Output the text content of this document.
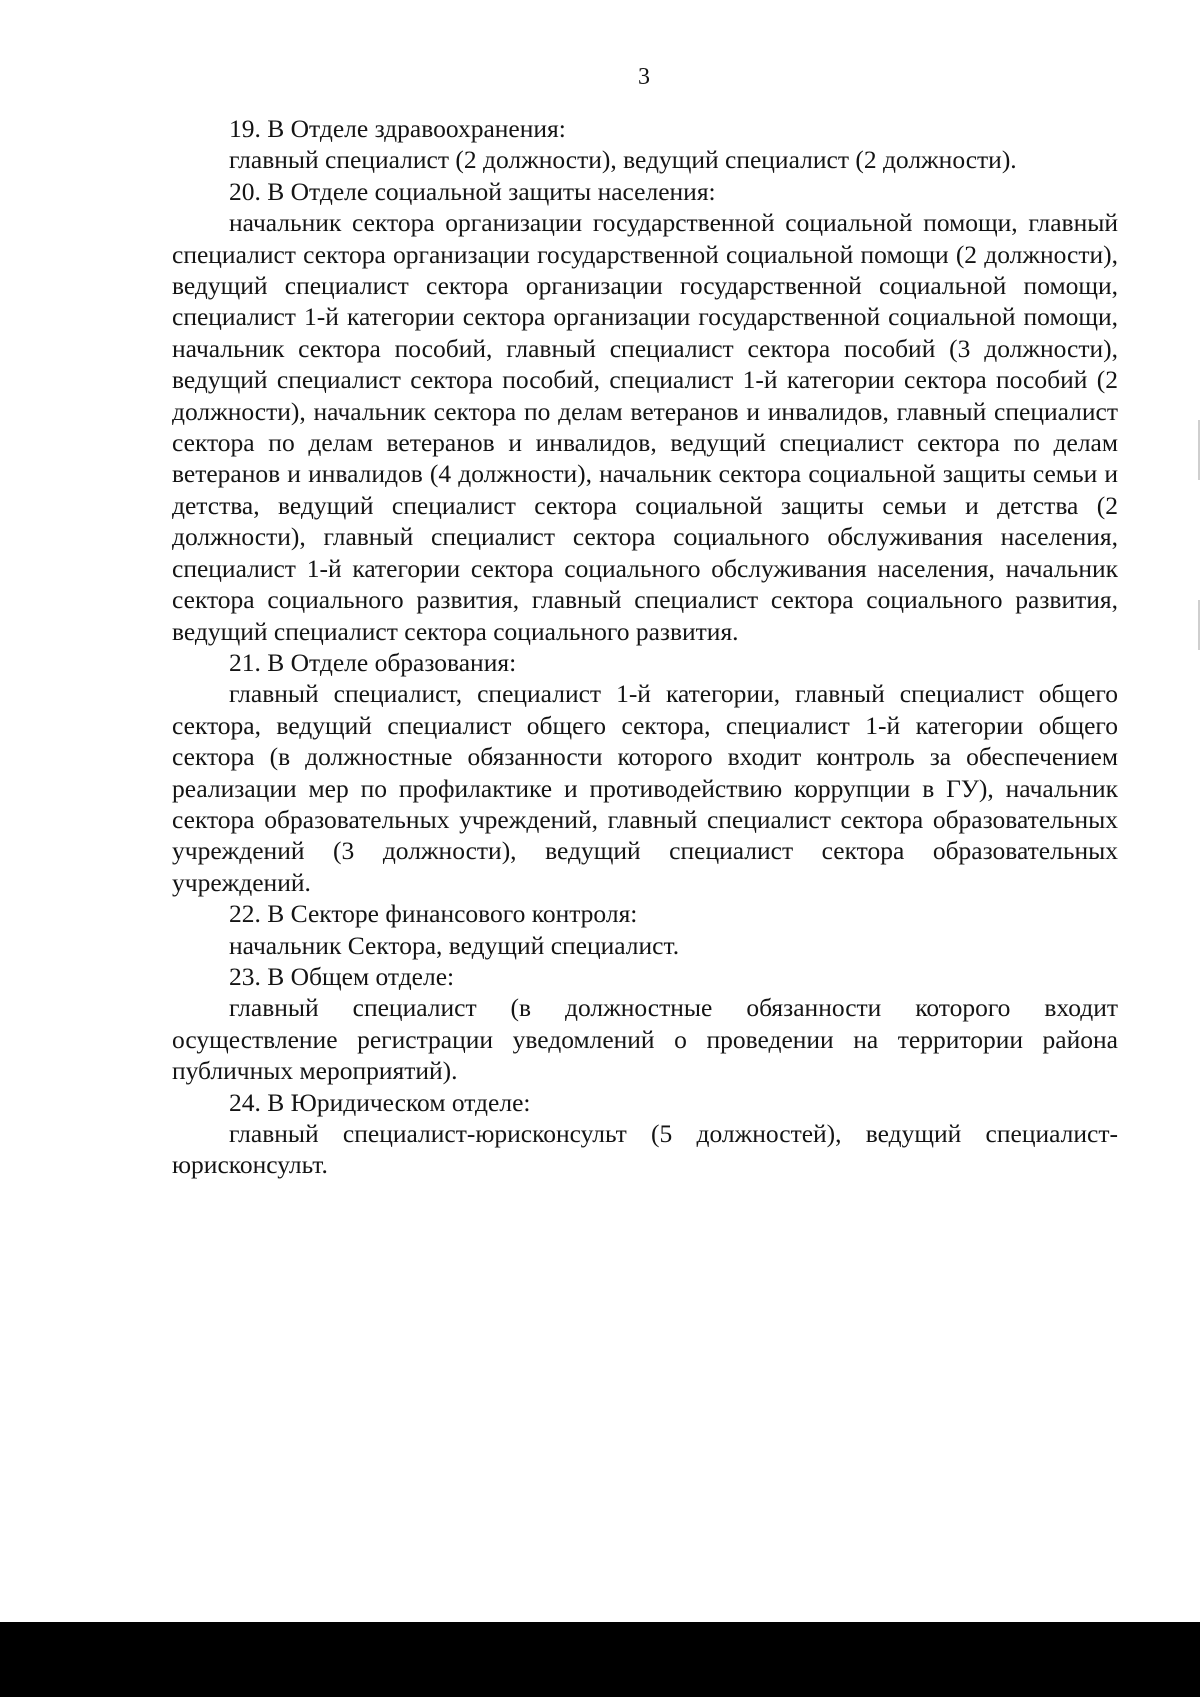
3

19. В Отделе здравоохранения:

главный специалист (2 должности), ведущий специалист (2 должности).

20. В Отделе социальной защиты населения:

начальник сектора организации государственной социальной помощи, главный специалист сектора организации государственной социальной помощи (2 должности), ведущий специалист сектора организации государственной социальной помощи, специалист 1-й категории сектора организации государственной социальной помощи, начальник сектора пособий, главный специалист сектора пособий (3 должности), ведущий специалист сектора пособий, специалист 1-й категории сектора пособий (2 должности), начальник сектора по делам ветеранов и инвалидов, главный специалист сектора по делам ветеранов и инвалидов, ведущий специалист сектора по делам ветеранов и инвалидов (4 должности), начальник сектора социальной защиты семьи и детства, ведущий специалист сектора социальной защиты семьи и детства (2 должности), главный специалист сектора социального обслуживания населения, специалист 1-й категории сектора социального обслуживания населения, начальник сектора социального развития, главный специалист сектора социального развития, ведущий специалист сектора социального развития.

21. В Отделе образования:

главный специалист, специалист 1-й категории, главный специалист общего сектора, ведущий специалист общего сектора, специалист 1-й категории общего сектора (в должностные обязанности которого входит контроль за обеспечением реализации мер по профилактике и противодействию коррупции в ГУ), начальник сектора образовательных учреждений, главный специалист сектора образовательных учреждений (3 должности), ведущий специалист сектора образовательных учреждений.

22. В Секторе финансового контроля:

начальник Сектора, ведущий специалист.

23. В Общем отделе:

главный специалист (в должностные обязанности которого входит осуществление регистрации уведомлений о проведении на территории района публичных мероприятий).

24. В Юридическом отделе:

главный специалист-юрисконсульт (5 должностей), ведущий специалист-юрисконсульт.
